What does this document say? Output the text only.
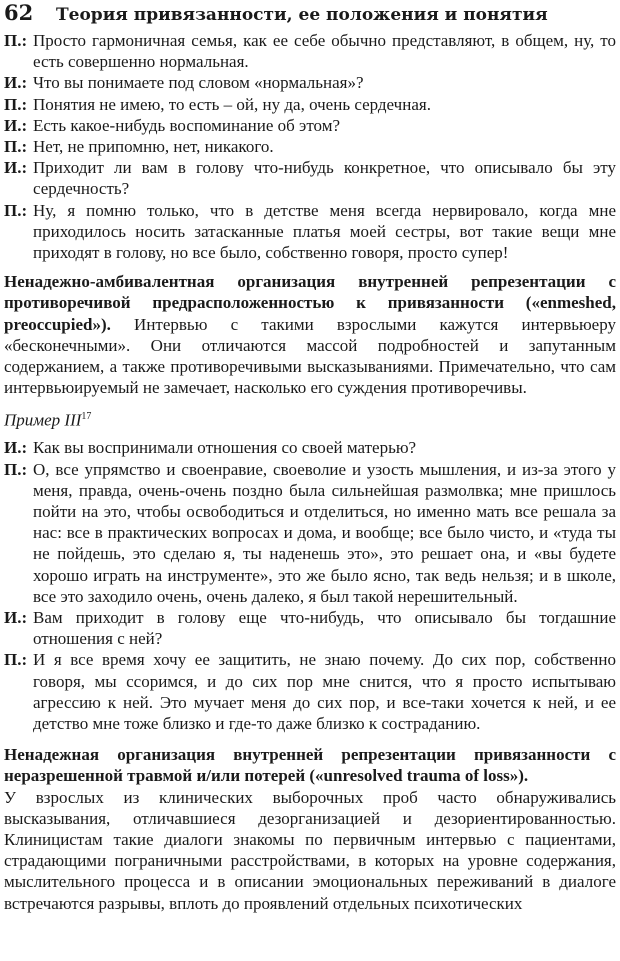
62	Теория привязанности, ее положения и понятия
П.: Просто гармоничная семья, как ее себе обычно представляют, в общем, ну, то есть совершенно нормальная.
И.: Что вы понимаете под словом «нормальная»?
П.: Понятия не имею, то есть – ой, ну да, очень сердечная.
И.: Есть какое-нибудь воспоминание об этом?
П.: Нет, не припомню, нет, никакого.
И.: Приходит ли вам в голову что-нибудь конкретное, что описывало бы эту сердечность?
П.: Ну, я помню только, что в детстве меня всегда нервировало, когда мне приходилось носить затасканные платья моей сестры, вот такие вещи мне приходят в голову, но все было, собственно говоря, просто супер!

Ненадежно-амбивалентная организация внутренней репрезентации с противоречивой предрасположенностью к привязанности («enmeshed, preoccupied»). Интервью с такими взрослыми кажутся интервьюеру «бесконечными». Они отличаются массой подробностей и запутанным содержанием, а также противоречивыми высказываниями. Примечательно, что сам интервьюируемый не замечает, насколько его суждения противоречивы.

Пример III$^{17}$
И.: Как вы воспринимали отношения со своей матерью?
П.: О, все упрямство и своенравие, своеволие и узость мышления, и из-за этого у меня, правда, очень-очень поздно была сильнейшая размолвка; мне пришлось пойти на это, чтобы освободиться и отделиться, но именно мать все решала за нас: все в практических вопросах и дома, и вообще; все было чисто, и «туда ты не пойдешь, это сделаю я, ты наденешь это», это решает она, и «вы будете хорошо играть на инструменте», это же было ясно, так ведь нельзя; и в школе, все это заходило очень, очень далеко, я был такой нерешительный.
И.: Вам приходит в голову еще что-нибудь, что описывало бы тогдашние отношения с ней?
П.: И я все время хочу ее защитить, не знаю почему. До сих пор, собственно говоря, мы ссоримся, и до сих пор мне снится, что я просто испытываю агрессию к ней. Это мучает меня до сих пор, и все-таки хочется к ней, и ее детство мне тоже близко и где-то даже близко к состраданию.

Ненадежная организация внутренней репрезентации привязанности с неразрешенной травмой и/или потерей («unresolved trauma of loss»).

У взрослых из клинических выборочных проб часто обнаруживались высказывания, отличавшиеся дезорганизацией и дезориентированностью. Клиницистам такие диалоги знакомы по первичным интервью с пациентами, страдающими пограничными расстройствами, в которых на уровне содержания, мыслительного процесса и в описании эмоциональных переживаний в диалоге встречаются разрывы, вплоть до проявлений отдельных психотических
